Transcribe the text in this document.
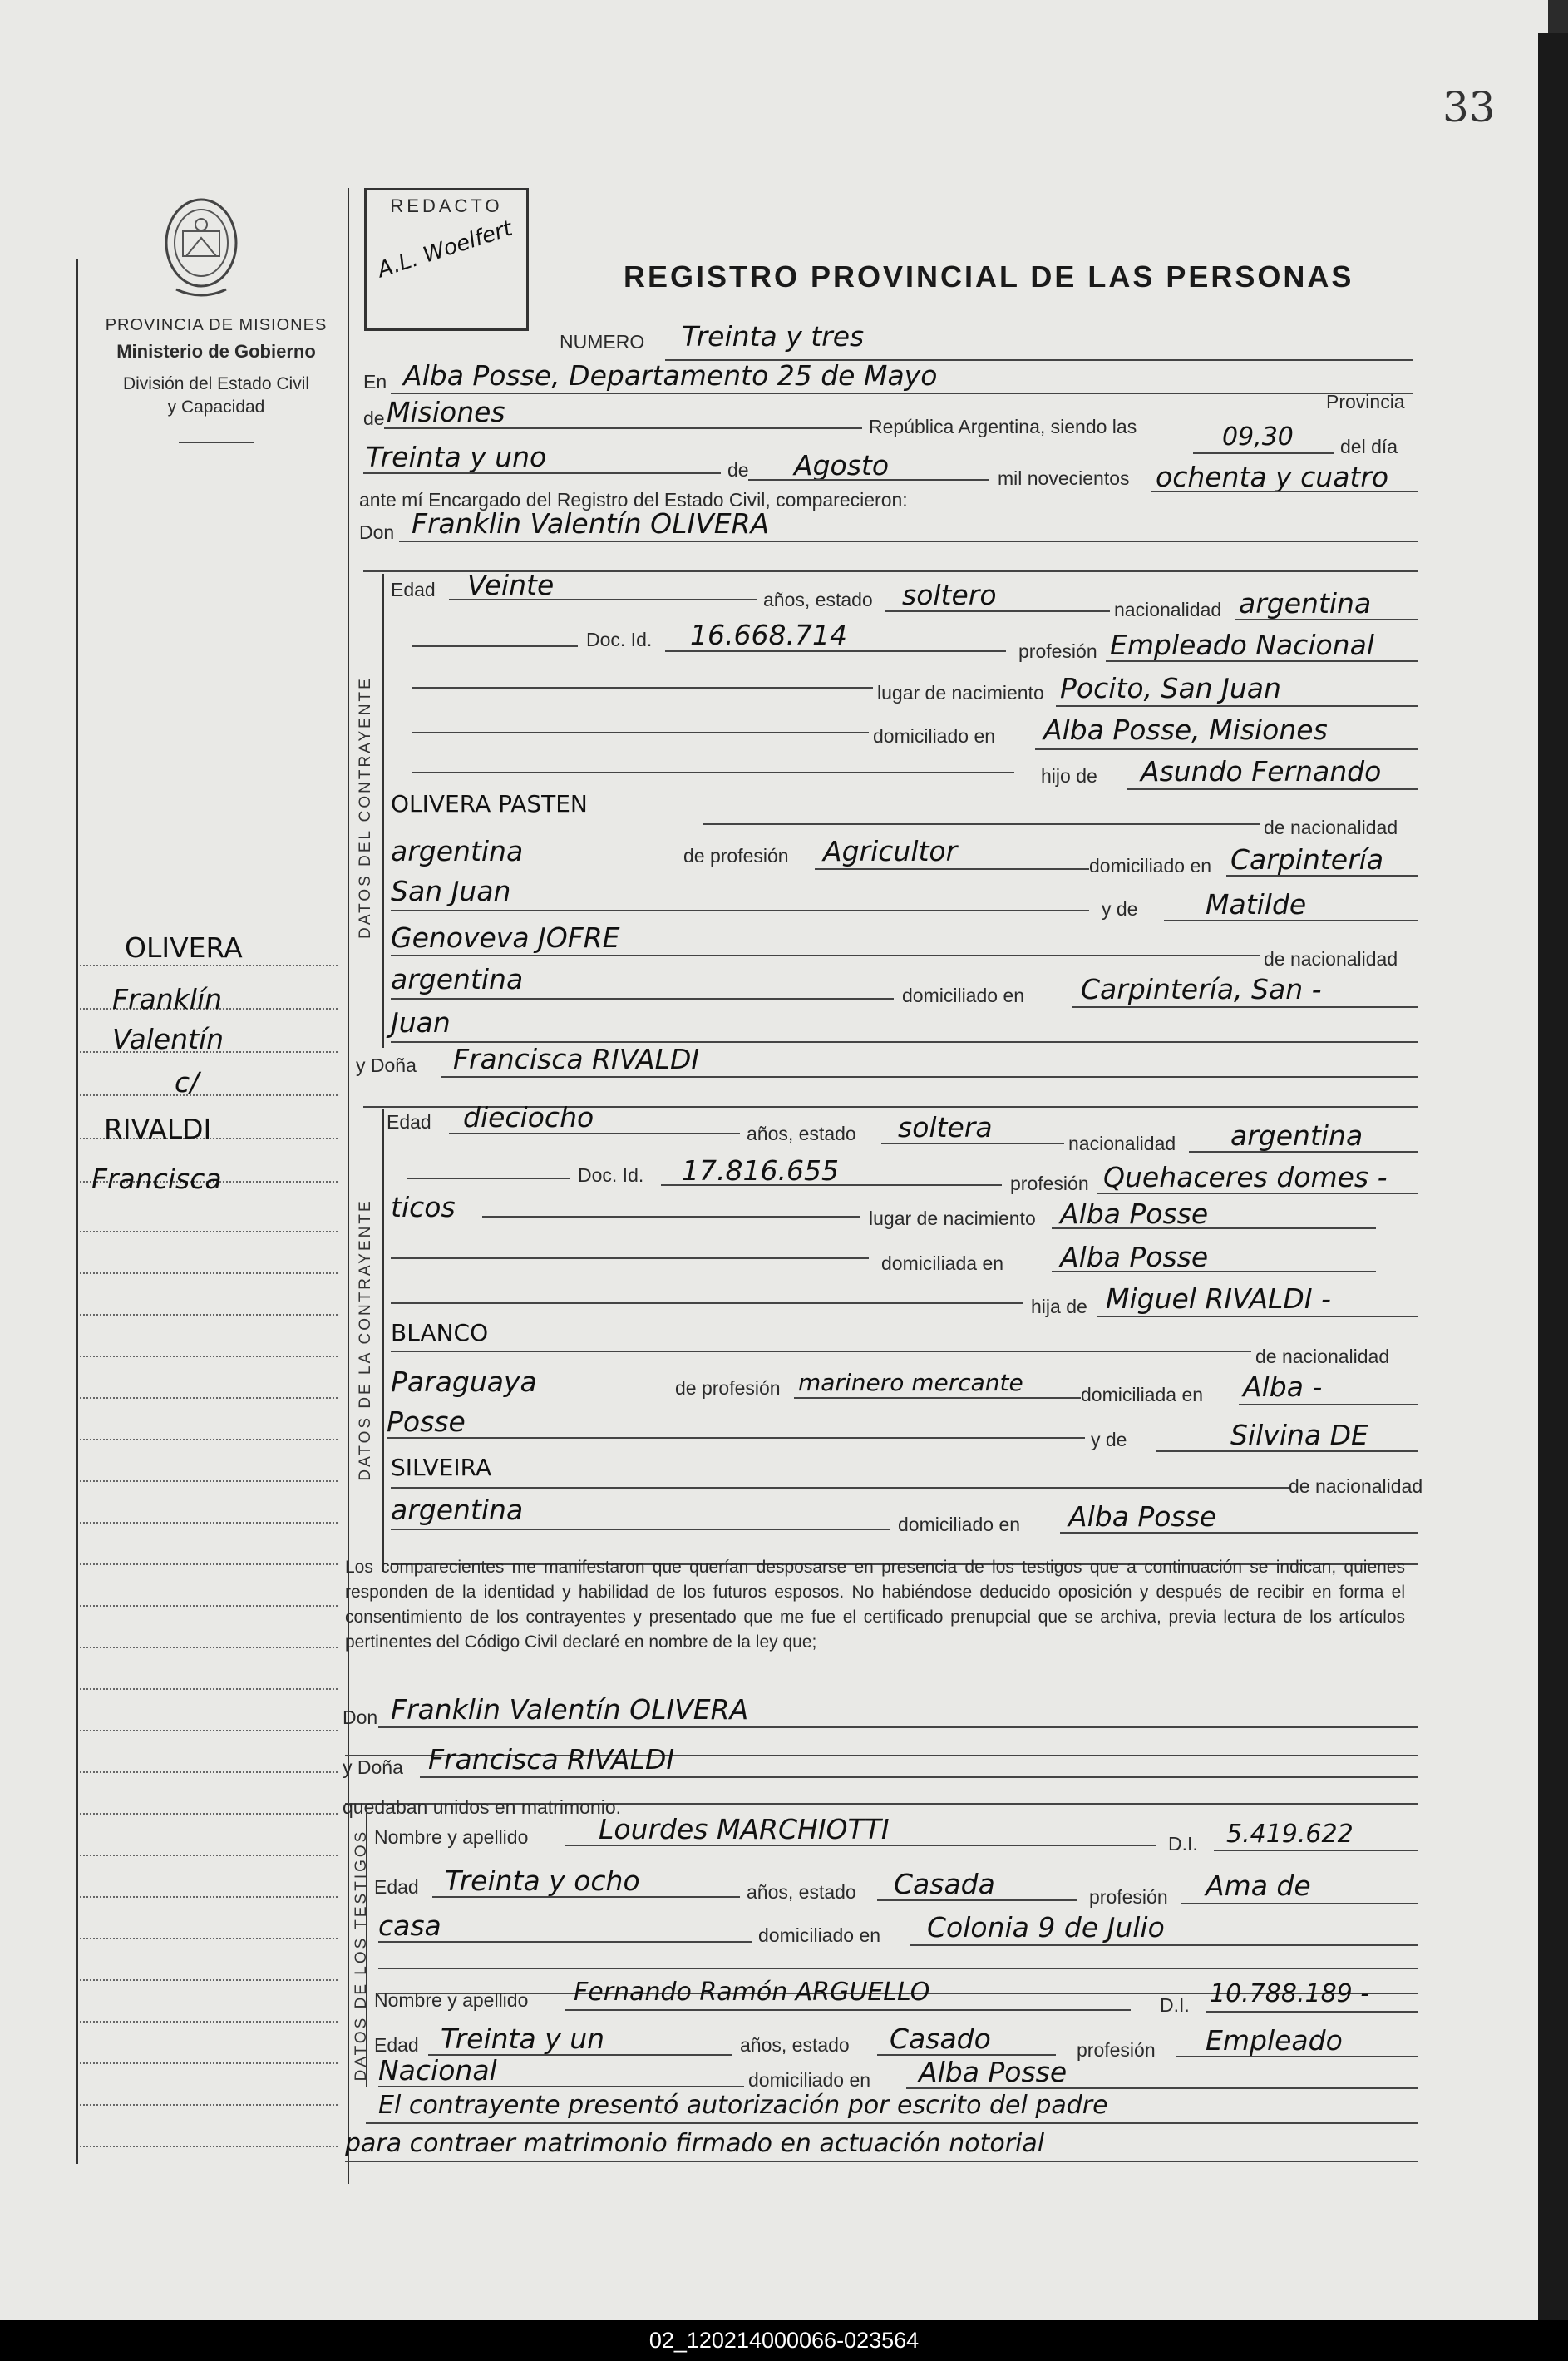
33
PROVINCIA DE MISIONES
Ministerio de Gobierno
División del Estado Civil
y Capacidad
REDACTO
A.L. Woelfert	REGISTRO PROVINCIAL DE LAS PERSONAS
OLIVERA
Franklín
Valentín
c/
RIVALDI
Francisca
NUMERO Treinta y tres
En Alba Posse, Departamento 25 de Mayo
de Misiones	República Argentina, siendo las	09,30 del día
Provincia
Treinta y uno	de Agosto	mil novecientos ochenta y cuatro
ante mí Encargado del Registro del Estado Civil, comparecieron:
Don Franklin Valentín OLIVERA
DATOS DEL CONTRAYENTE
Edad Veinte	años, estado soltero	nacionalidad argentina
Doc. Id. 16.668.714	profesión Empleado Nacional
lugar de nacimiento Pocito, San Juan
domiciliado en Alba Posse, Misiones
hijo de Asundo Fernando
OLIVERA PASTEN
de nacionalidad
argentina	de profesión Agricultor	domiciliado en Carpintería
San Juan
y de Matilde
Genoveva JOFRE
de nacionalidad
argentina	domiciliado en Carpintería, San -
Juan
y Doña Francisca RIVALDI
DATOS DE LA CONTRAYENTE
Edad dieciocho	años, estado soltera	nacionalidad argentina
Doc. Id. 17.816.655	profesión Quehaceres domes -
ticos	lugar de nacimiento Alba Posse
domiciliada en Alba Posse
hija de Miguel RIVALDI -
BLANCO
de nacionalidad
Paraguaya	de profesión marinero mercante	domiciliada en Alba -
Posse
y de	Silvina DE
SILVEIRA
de nacionalidad
argentina	domiciliado en Alba Posse
Los comparecientes me manifestaron que querían desposarse en presencia de los testigos que a continuación se indican, quienes responden de la identidad y habilidad de los futuros esposos. No habiéndose deducido oposición y después de recibir en forma el consentimiento de los contrayentes y presentado que me fue el certificado prenupcial que se archiva, previa lectura de los artículos pertinentes del Código Civil declaré en nombre de la ley que;
Don Franklin Valentín OLIVERA
y Doña Francisca RIVALDI
quedaban unidos en matrimonio.
DATOS DE LOS TESTIGOS Nombre y apellido	Lourdes MARCHIOTTI	D.I. 5.419.622
Edad Treinta y ocho	años, estado Casada	profesión Ama de
casa	domiciliado en Colonia 9 de Julio
Nombre y apellido Fernando Ramón ARGUELLO	D.I. 10.788.189 -
Edad Treinta y un	años, estado Casado	profesión Empleado
Nacional	domiciliado en Alba Posse
El contrayente presentó autorización por escrito del padre
para contraer matrimonio firmado en actuación notorial
02_120214000066-023564
